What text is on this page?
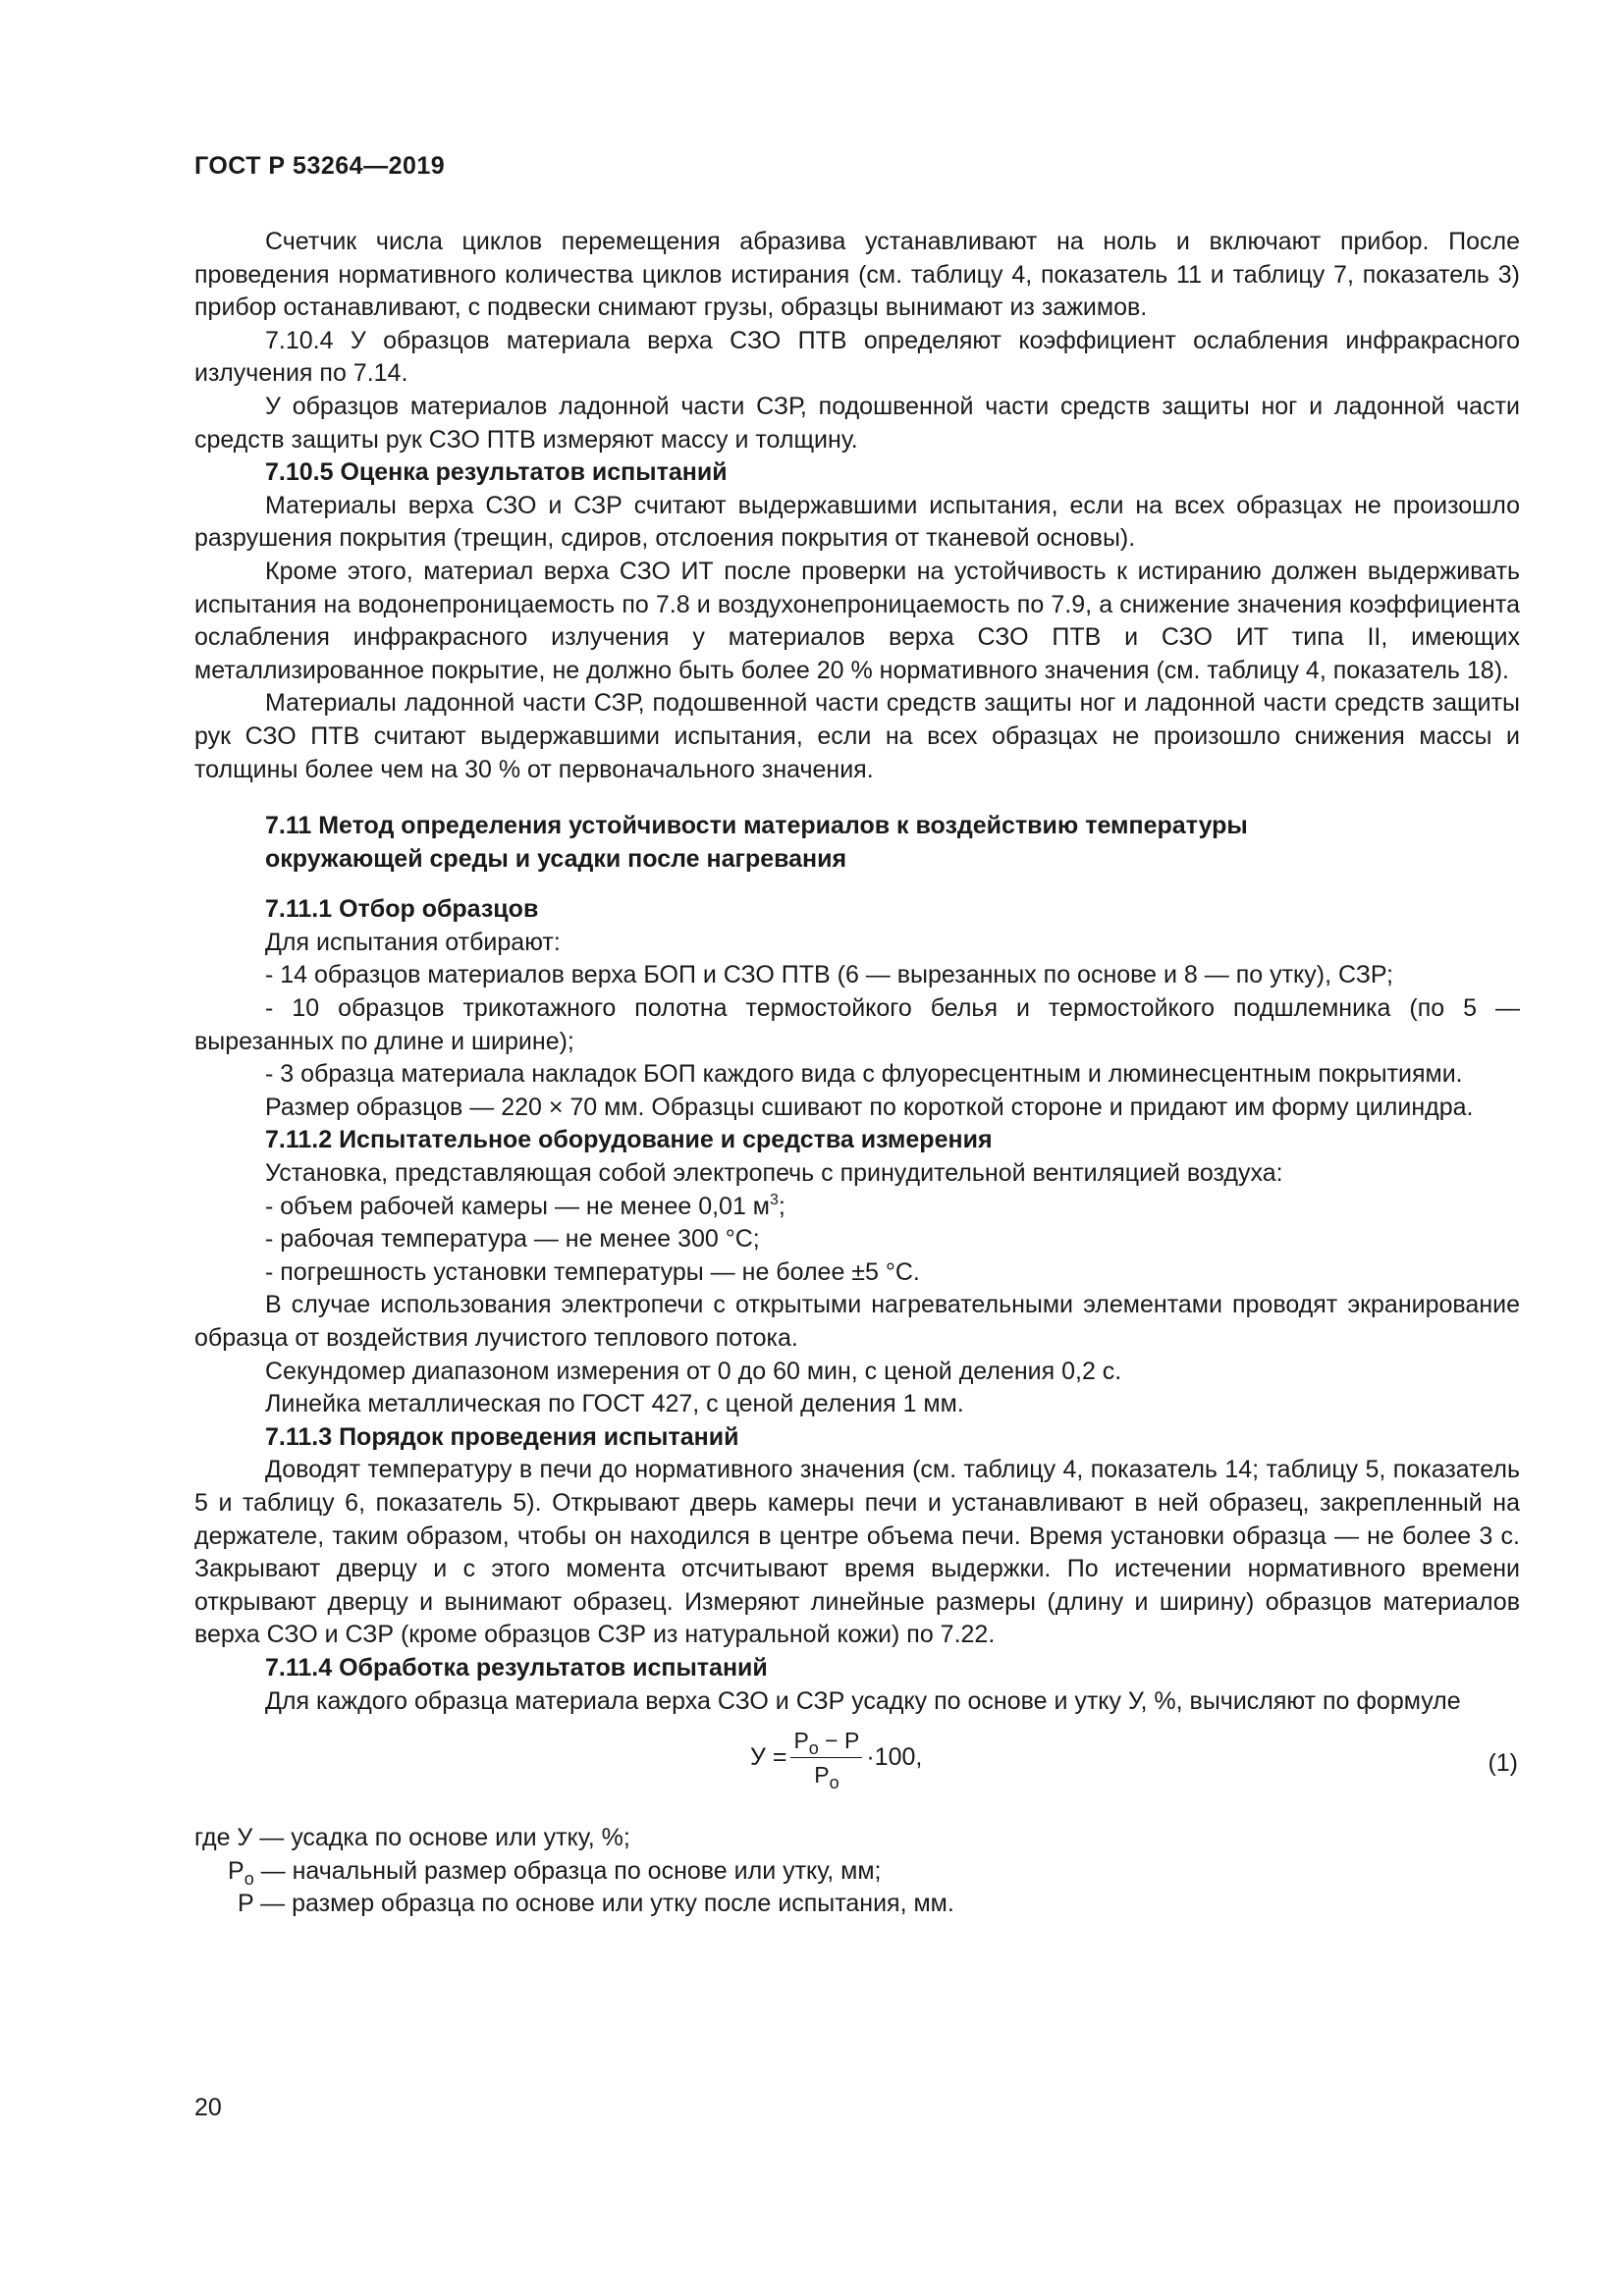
ГОСТ Р 53264—2019

Счетчик числа циклов перемещения абразива устанавливают на ноль и включают прибор. После проведения нормативного количества циклов истирания (см. таблицу 4, показатель 11 и таблицу 7, показатель 3) прибор останавливают, с подвески снимают грузы, образцы вынимают из зажимов.

7.10.4 У образцов материала верха СЗО ПТВ определяют коэффициент ослабления инфракрасного излучения по 7.14.

У образцов материалов ладонной части СЗР, подошвенной части средств защиты ног и ладонной части средств защиты рук СЗО ПТВ измеряют массу и толщину.

7.10.5 Оценка результатов испытаний

Материалы верха СЗО и СЗР считают выдержавшими испытания, если на всех образцах не произошло разрушения покрытия (трещин, сдиров, отслоения покрытия от тканевой основы).

Кроме этого, материал верха СЗО ИТ после проверки на устойчивость к истиранию должен выдерживать испытания на водонепроницаемость по 7.8 и воздухонепроницаемость по 7.9, а снижение значения коэффициента ослабления инфракрасного излучения у материалов верха СЗО ПТВ и СЗО ИТ типа II, имеющих металлизированное покрытие, не должно быть более 20 % нормативного значения (см. таблицу 4, показатель 18).

Материалы ладонной части СЗР, подошвенной части средств защиты ног и ладонной части средств защиты рук СЗО ПТВ считают выдержавшими испытания, если на всех образцах не произошло снижения массы и толщины более чем на 30 % от первоначального значения.

7.11 Метод определения устойчивости материалов к воздействию температуры

окружающей среды и усадки после нагревания

7.11.1 Отбор образцов

Для испытания отбирают:

- 14 образцов материалов верха БОП и СЗО ПТВ (6 — вырезанных по основе и 8 — по утку), СЗР;

- 10 образцов трикотажного полотна термостойкого белья и термостойкого подшлемника (по 5 — вырезанных по длине и ширине);

- 3 образца материала накладок БОП каждого вида с флуоресцентным и люминесцентным покрытиями.

Размер образцов — 220 × 70 мм. Образцы сшивают по короткой стороне и придают им форму цилиндра.

7.11.2 Испытательное оборудование и средства измерения

Установка, представляющая собой электропечь с принудительной вентиляцией воздуха:

- объем рабочей камеры — не менее 0,01 $м^3$;

- рабочая температура — не менее 300 °С;

- погрешность установки температуры — не более ±5 °С.

В случае использования электропечи с открытыми нагревательными элементами проводят экранирование образца от воздействия лучистого теплового потока.

Секундомер диапазоном измерения от 0 до 60 мин, с ценой деления 0,2 с.

Линейка металлическая по ГОСТ 427, с ценой деления 1 мм.

7.11.3 Порядок проведения испытаний

Доводят температуру в печи до нормативного значения (см. таблицу 4, показатель 14; таблицу 5, показатель 5 и таблицу 6, показатель 5). Открывают дверь камеры печи и устанавливают в ней образец, закрепленный на держателе, таким образом, чтобы он находился в центре объема печи. Время установки образца — не более 3 с. Закрывают дверцу и с этого момента отсчитывают время выдержки. По истечении нормативного времени открывают дверцу и вынимают образец. Измеряют линейные размеры (длину и ширину) образцов материалов верха СЗО и СЗР (кроме образцов СЗР из натуральной кожи) по 7.22.

7.11.4 Обработка результатов испытаний

Для каждого образца материала верха СЗО и СЗР усадку по основе и утку У, %, вычисляют по формуле

$У = \frac{P_о - P}{P_о} \cdot 100$,	(1)

где У — усадка по основе или утку, %;

$P_о$ — начальный размер образца по основе или утку, мм;

P — размер образца по основе или утку после испытания, мм.

20
